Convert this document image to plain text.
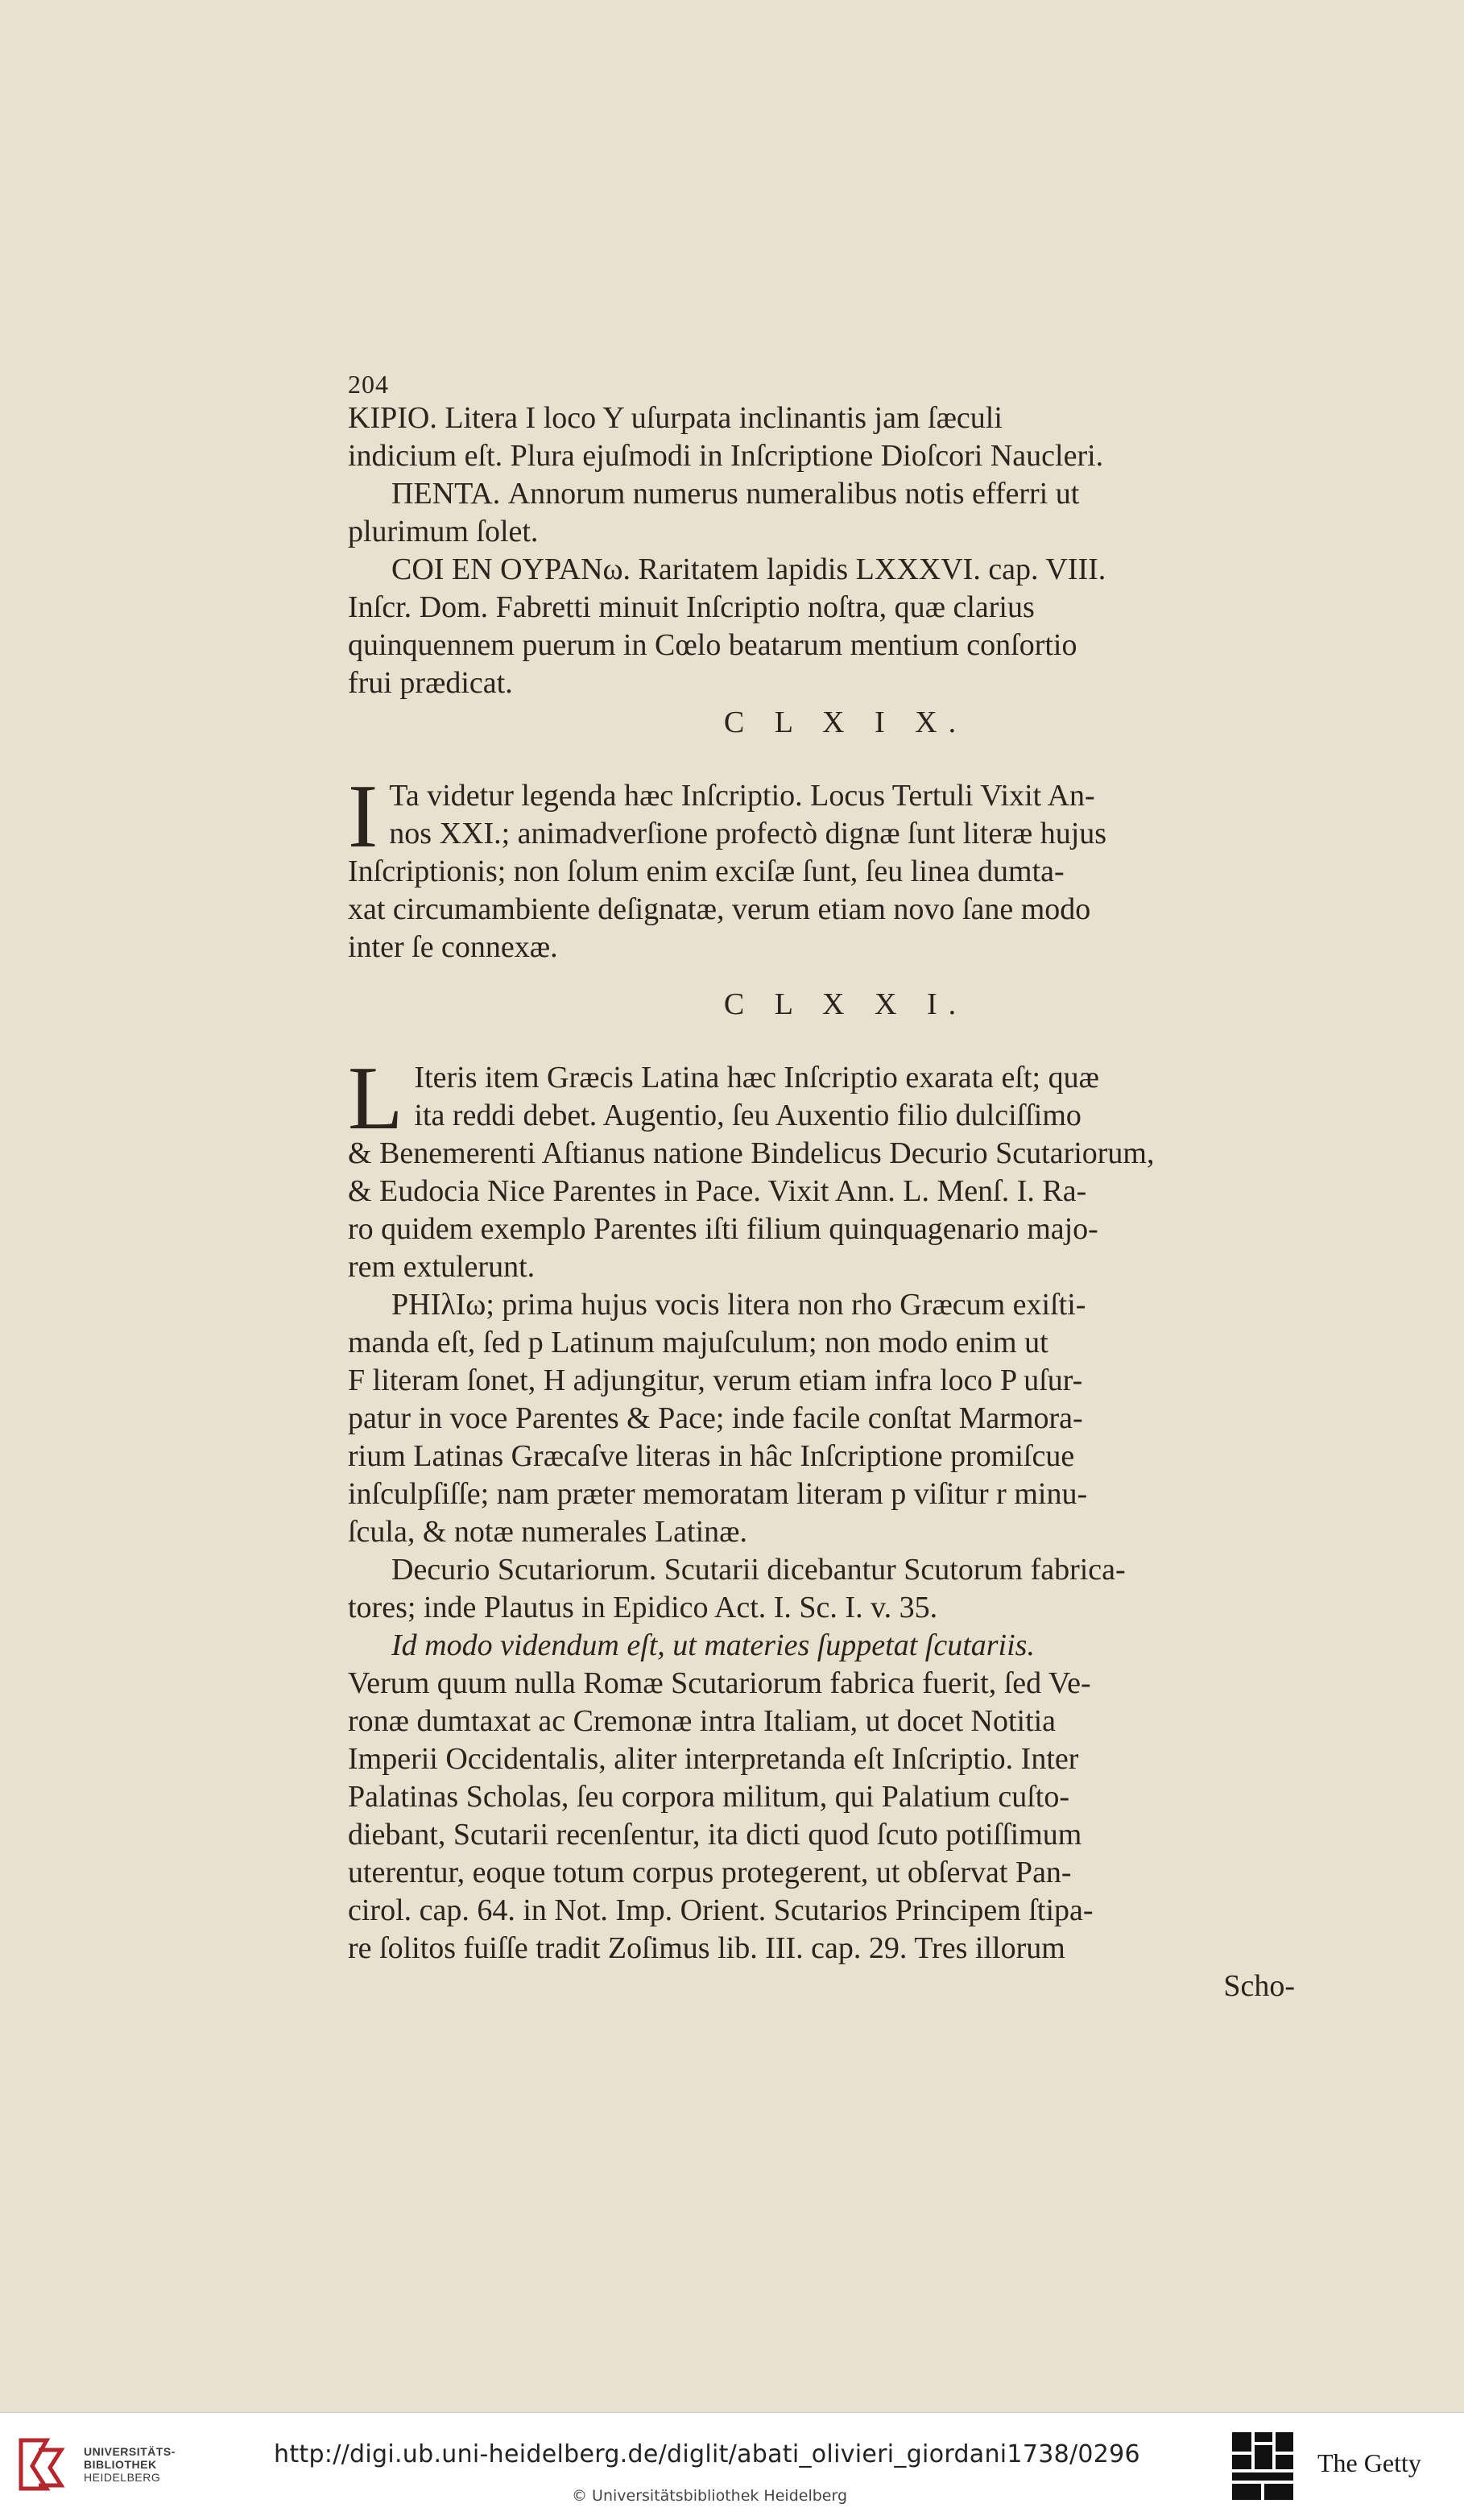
204

KIPIO. Litera I loco Y uſurpata inclinantis jam ſæculi

indicium eſt. Plura ejuſmodi in Inſcriptione Dioſcori Naucleri.

ΠΕΝΤΑ. Annorum numerus numeralibus notis efferri ut

plurimum ſolet.

COI EN OYPANω. Raritatem lapidis LXXXVI. cap. VIII.

Inſcr. Dom. Fabretti minuit Inſcriptio noſtra, quæ clarius

quinquennem puerum in Cœlo beatarum mentium conſortio

frui prædicat.

C L X I X.
I Ta videtur legenda hæc Inſcriptio. Locus Tertuli Vixit An-

nos XXI.; animadverſione profectò dignæ ſunt literæ hujus

Inſcriptionis; non ſolum enim exciſæ ſunt, ſeu linea dumta-

xat circumambiente deſignatæ, verum etiam novo ſane modo

inter ſe connexæ.

C L X X I.
L Iteris item Græcis Latina hæc Inſcriptio exarata eſt; quæ

ita reddi debet. Augentio, ſeu Auxentio filio dulciſſimo

& Benemerenti Aſtianus natione Bindelicus Decurio Scutariorum,

& Eudocia Nice Parentes in Pace. Vixit Ann. L. Menſ. I. Ra-

ro quidem exemplo Parentes iſti filium quinquagenario majo-

rem extulerunt.

PHIλIω; prima hujus vocis litera non rho Græcum exiſti-

manda eſt, ſed p Latinum majuſculum; non modo enim ut

F literam ſonet, H adjungitur, verum etiam infra loco P uſur-

patur in voce Parentes & Pace; inde facile conſtat Marmora-

rium Latinas Græcaſve literas in hâc Inſcriptione promiſcue

inſculpſiſſe; nam præter memoratam literam p viſitur r minu-

ſcula, & notæ numerales Latinæ.

Decurio Scutariorum. Scutarii dicebantur Scutorum fabrica-

tores; inde Plautus in Epidico Act. I. Sc. I. v. 35.

Id modo videndum eſt, ut materies ſuppetat ſcutariis.

Verum quum nulla Romæ Scutariorum fabrica fuerit, ſed Ve-

ronæ dumtaxat ac Cremonæ intra Italiam, ut docet Notitia

Imperii Occidentalis, aliter interpretanda eſt Inſcriptio. Inter

Palatinas Scholas, ſeu corpora militum, qui Palatium cuſto-

diebant, Scutarii recenſentur, ita dicti quod ſcuto potiſſimum

uterentur, eoque totum corpus protegerent, ut obſervat Pan-

cirol. cap. 64. in Not. Imp. Orient. Scutarios Principem ſtipa-

re ſolitos fuiſſe tradit Zoſimus lib. III. cap. 29. Tres illorum

Scho-

UNIVERSITÄTS-
BIBLIOTHEK
HEIDELBERG
http://digi.ub.uni-heidelberg.de/diglit/abati_olivieri_giordani1738/0296
© Universitätsbibliothek Heidelberg
The Getty
